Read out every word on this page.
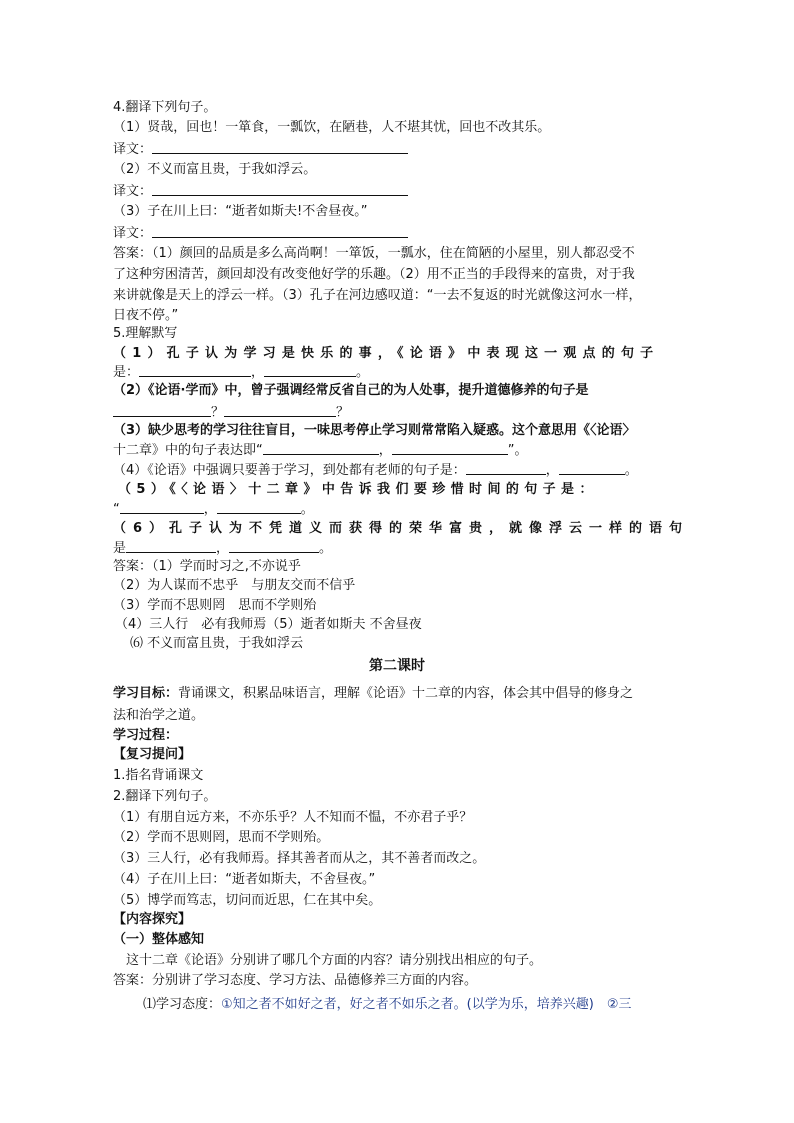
4.翻译下列句子。
（1）贤哉，回也！一箪食，一瓢饮，在陋巷，人不堪其忧，回也不改其乐。
译文：
（2）不义而富且贵，于我如浮云。
译文：
（3）子在川上曰：“逝者如斯夫!不舍昼夜。”
译文：
答案：（1）颜回的品质是多么高尚啊！一箪饭，一瓢水，住在简陋的小屋里，别人都忍受不
了这种穷困清苦，颜回却没有改变他好学的乐趣。（2）用不正当的手段得来的富贵，对于我
来讲就像是天上的浮云一样。（3）孔子在河边感叹道：“一去不复返的时光就像这河水一样，
日夜不停。”
5.理解默写
（1）孔子认为学习是快乐的事，《论语》中表现这一观点的句子
是：	，	。
（2）《论语·学而》中，曾子强调经常反省自己的为人处事，提升道德修养的句子是
？	？
（3）缺少思考的学习往往盲目，一味思考停止学习则常常陷入疑惑。这个意思用《〈论语〉
十二章》中的句子表达即“	，	”。
（4）《论语》中强调只要善于学习，到处都有老师的句子是：	，	。
（5）《〈论语〉十二章》中告诉我们要珍惜时间的句子是：
“	，	。
（6）孔子认为不凭道义而获得的荣华富贵，就像浮云一样的语句
是	，	。
答案：（1）学而时习之,不亦说乎
（2）为人谋而不忠乎　与朋友交而不信乎
（3）学而不思则罔　思而不学则殆
（4）三人行　必有我师焉（5）逝者如斯夫 不舍昼夜
⑹ 不义而富且贵，于我如浮云
第二课时
学习目标：背诵课文，积累品味语言，理解《论语》十二章的内容，体会其中倡导的修身之
法和治学之道。
学习过程：
【复习提问】
1.指名背诵课文
2.翻译下列句子。
（1）有朋自远方来，不亦乐乎？人不知而不愠，不亦君子乎？
（2）学而不思则罔，思而不学则殆。
（3）三人行，必有我师焉。择其善者而从之，其不善者而改之。
（4）子在川上曰：“逝者如斯夫，不舍昼夜。”
（5）博学而笃志，切问而近思，仁在其中矣。
【内容探究】
（一）整体感知
这十二章《论语》分别讲了哪几个方面的内容？请分别找出相应的句子。
答案：分别讲了学习态度、学习方法、品德修养三方面的内容。
⑴学习态度：①知之者不如好之者，好之者不如乐之者。(以学为乐，培养兴趣)　②三
